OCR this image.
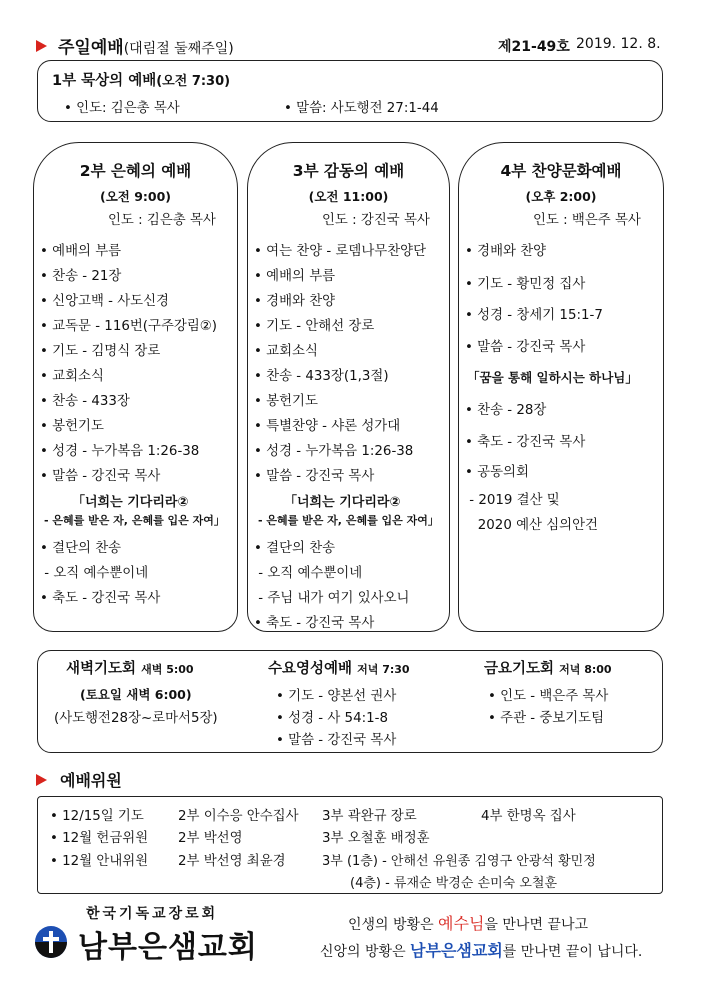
주일예배(대림절 둘째주일)	제21-49호 2019. 12. 8.
1부 묵상의 예배(오전 7:30)
• 인도: 김은총 목사	• 말씀: 사도행전 27:1-44
2부 은혜의 예배
(오전 9:00)
인도 : 김은총 목사
• 예배의 부름
• 찬송 - 21장
• 신앙고백 - 사도신경
• 교독문 - 116번(구주강림②)
• 기도 - 김명식 장로
• 교회소식
• 찬송 - 433장
• 봉헌기도
• 성경 - 누가복음 1:26-38
• 말씀 - 강진국 목사
「너희는 기다리라②
- 은혜를 받은 자, 은혜를 입은 자여」
• 결단의 찬송
- 오직 예수뿐이네
• 축도 - 강진국 목사
3부 감동의 예배
(오전 11:00)
인도 : 강진국 목사
• 여는 찬양 - 로뎀나무찬양단
• 예배의 부름
• 경배와 찬양
• 기도 - 안해선 장로
• 교회소식
• 찬송 - 433장(1,3절)
• 봉헌기도
• 특별찬양 - 샤론 성가대
• 성경 - 누가복음 1:26-38
• 말씀 - 강진국 목사
「너희는 기다리라②
- 은혜를 받은 자, 은혜를 입은 자여」
• 결단의 찬송
- 오직 예수뿐이네
- 주님 내가 여기 있사오니
• 축도 - 강진국 목사
4부 찬양문화예배
(오후 2:00)
인도 : 백은주 목사
• 경배와 찬양
• 기도 - 황민정 집사
• 성경 - 창세기 15:1-7
• 말씀 - 강진국 목사
「꿈을 통해 일하시는 하나님」
• 찬송 - 28장
• 축도 - 강진국 목사
• 공동의회
- 2019 결산 및
2020 예산 심의안건
새벽기도회 새벽 5:00
(토요일 새벽 6:00)
(사도행전28장~로마서5장)
수요영성예배 저녁 7:30
• 기도 - 양본선 권사
• 성경 - 사 54:1-8
• 말씀 - 강진국 목사
금요기도회 저녁 8:00
• 인도 - 백은주 목사
• 주관 - 중보기도팀
예배위원
• 12/15일 기도	2부 이수응 안수집사 3부 곽완규 장로	4부 한명옥 집사
• 12월 헌금위원 2부 박선영	3부 오철훈 배정훈
• 12월 안내위원 2부 박선영 최윤경	3부 (1층) - 안해선 유원종 김영구 안광석 황민정
(4층) - 류재순 박경순 손미숙 오철훈
한국기독교장로회
남부은샘교회
인생의 방황은 예수님을 만나면 끝나고
신앙의 방황은 남부은샘교회를 만나면 끝이 납니다.
